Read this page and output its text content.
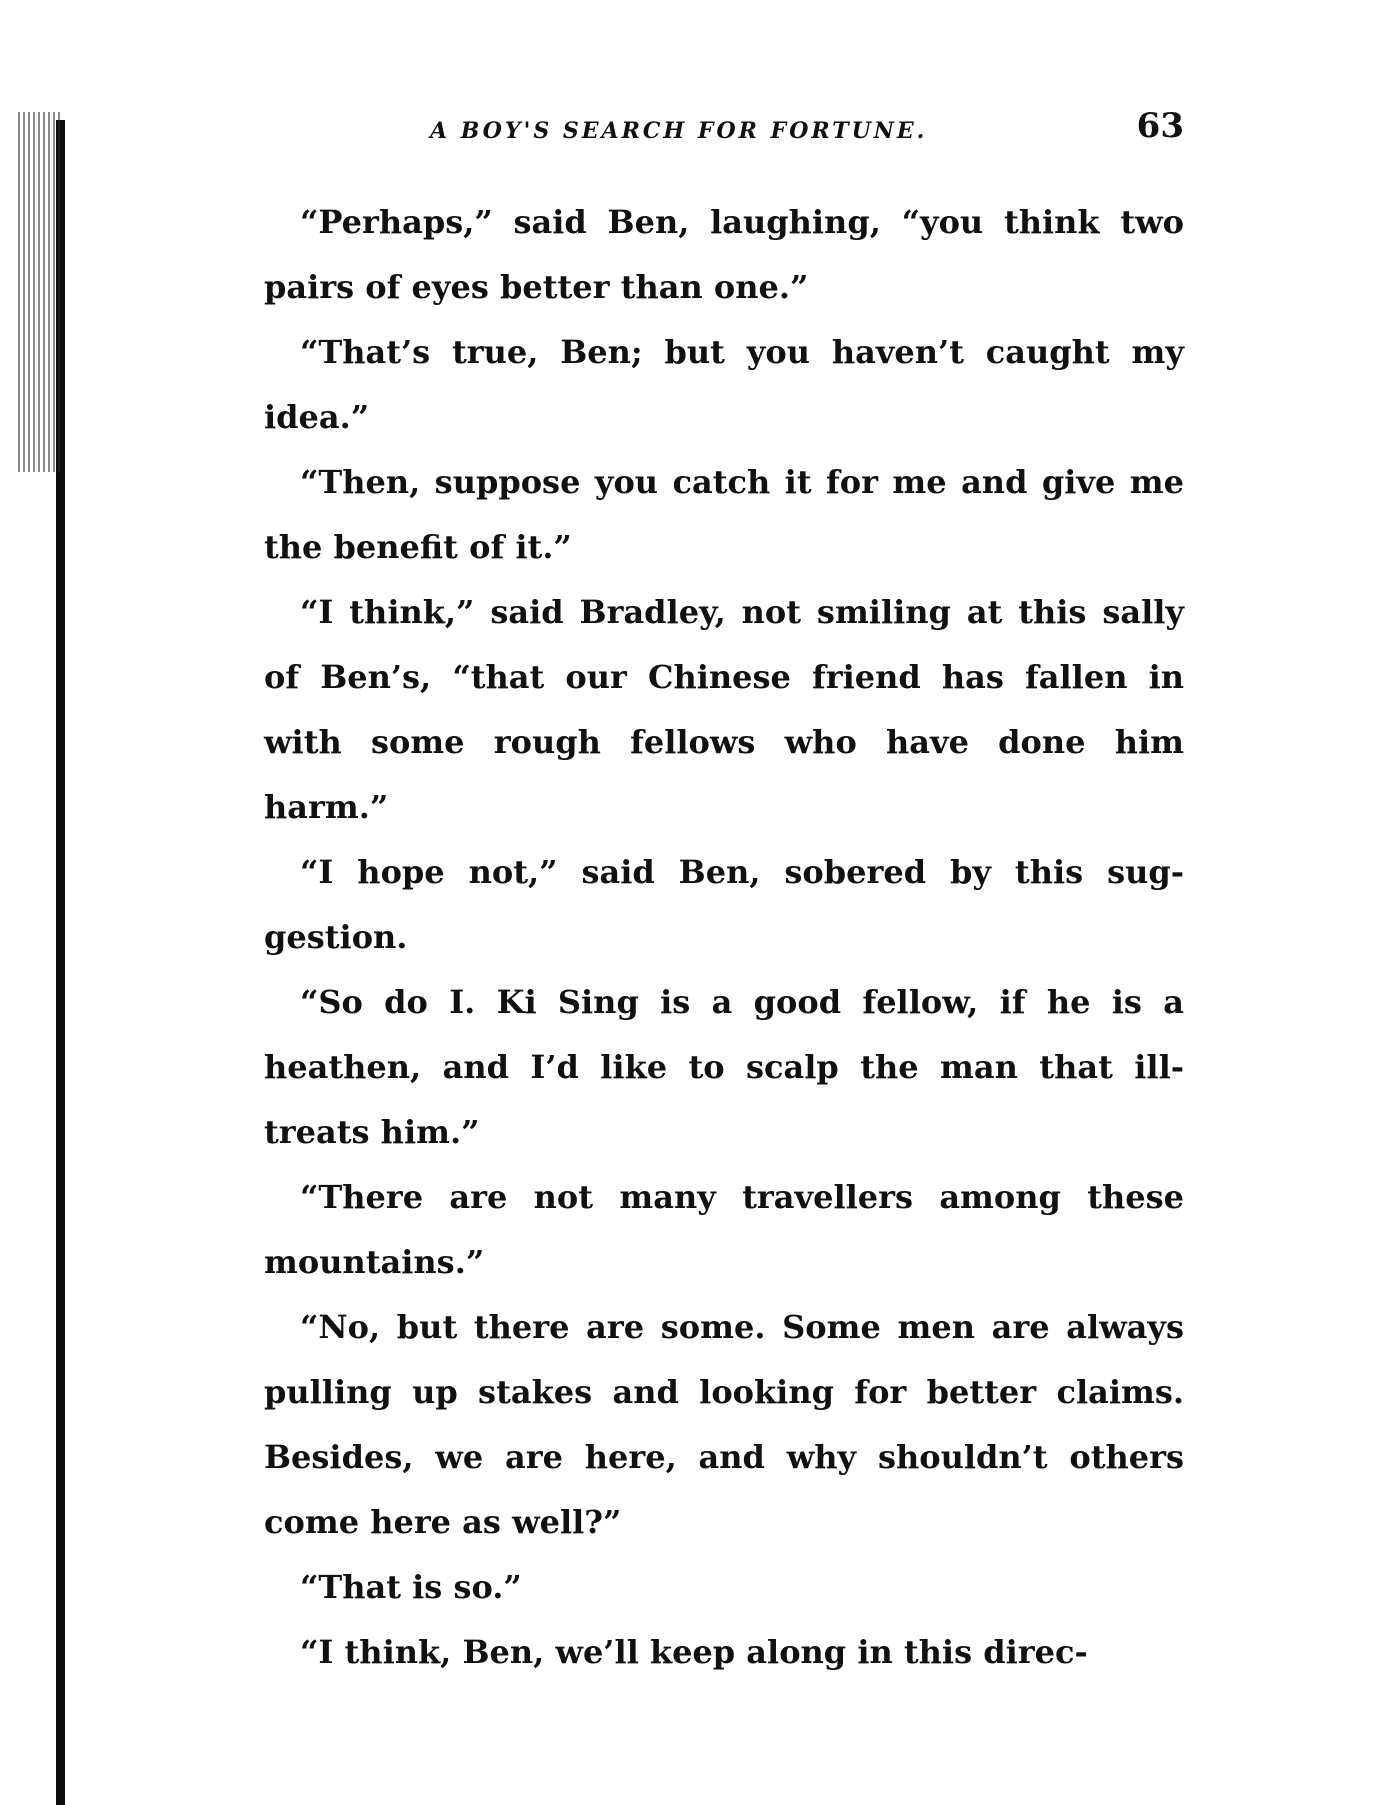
A BOY'S SEARCH FOR FORTUNE.	63
“Perhaps,” said Ben, laughing, “you think two
pairs of eyes better than one.”
“That’s true, Ben; but you haven’t caught my
idea.”
“Then, suppose you catch it for me and give me
the benefit of it.”
“I think,” said Bradley, not smiling at this sally
of Ben’s, “that our Chinese friend has fallen in
with some rough fellows who have done him
harm.”
“I hope not,” said Ben, sobered by this sug-
gestion.
“So do I. Ki Sing is a good fellow, if he is a
heathen, and I’d like to scalp the man that ill-
treats him.”
“There are not many travellers among these
mountains.”
“No, but there are some. Some men are always
pulling up stakes and looking for better claims.
Besides, we are here, and why shouldn’t others
come here as well?”
“That is so.”
“I think, Ben, we’ll keep along in this direc-
